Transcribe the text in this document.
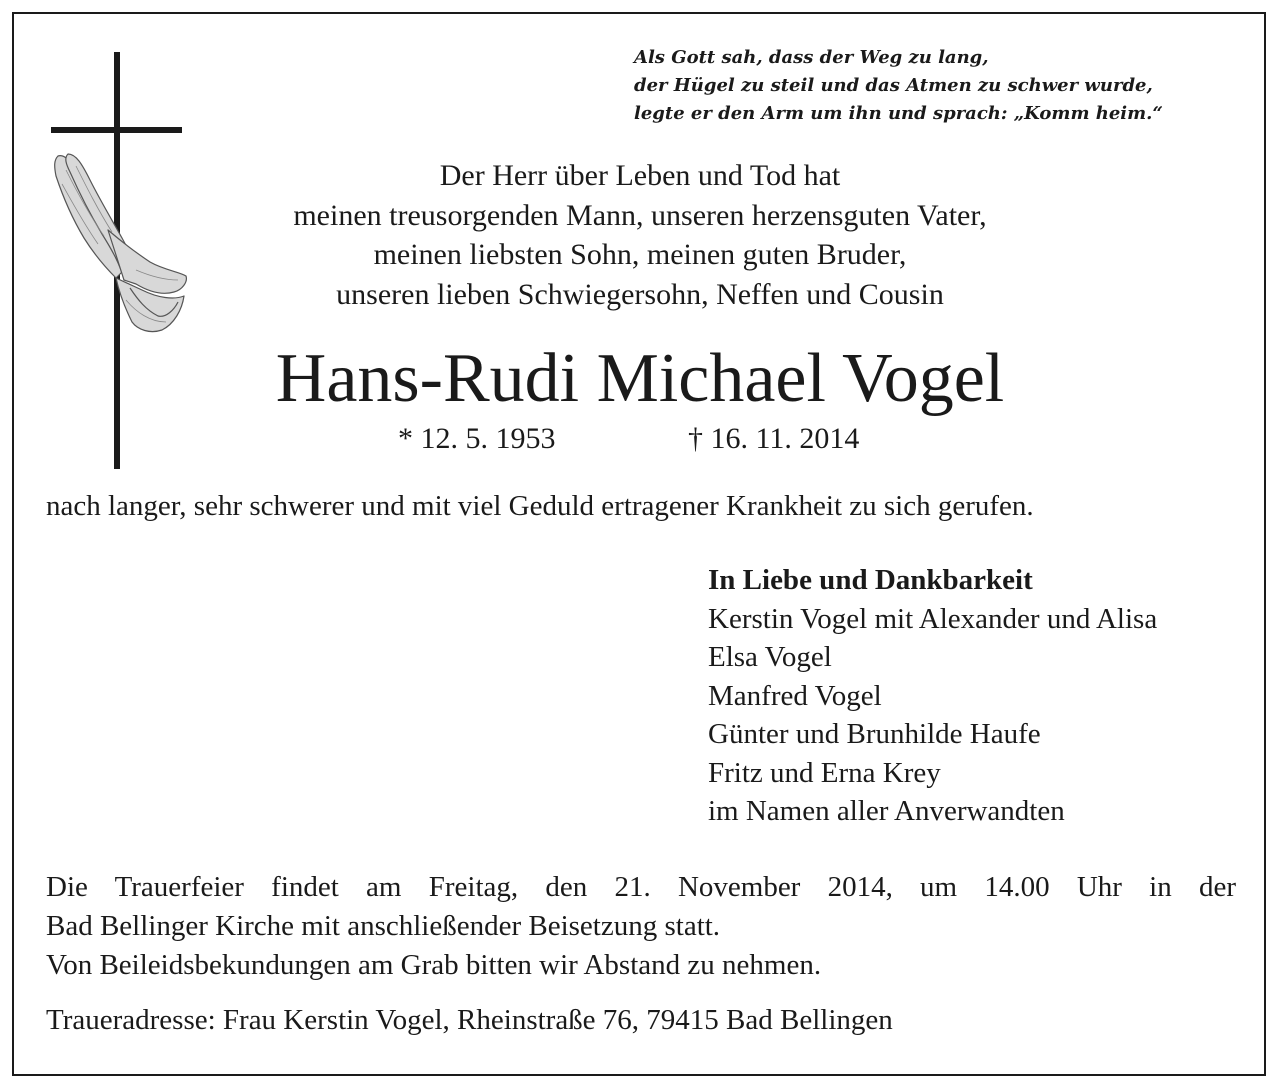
Als Gott sah, dass der Weg zu lang,
der Hügel zu steil und das Atmen zu schwer wurde,
legte er den Arm um ihn und sprach: „Komm heim.“
Der Herr über Leben und Tod hat
meinen treusorgenden Mann, unseren herzensguten Vater,
meinen liebsten Sohn, meinen guten Bruder,
unseren lieben Schwiegersohn, Neffen und Cousin
Hans-Rudi Michael Vogel
* 12. 5. 1953	† 16. 11. 2014
nach langer, sehr schwerer und mit viel Geduld ertragener Krankheit zu sich gerufen.
In Liebe und Dankbarkeit
Kerstin Vogel mit Alexander und Alisa
Elsa Vogel
Manfred Vogel
Günter und Brunhilde Haufe
Fritz und Erna Krey
im Namen aller Anverwandten
Die Trauerfeier findet am Freitag, den 21. November 2014, um 14.00 Uhr in der
Bad Bellinger Kirche mit anschließender Beisetzung statt.
Von Beileidsbekundungen am Grab bitten wir Abstand zu nehmen.
Traueradresse: Frau Kerstin Vogel, Rheinstraße 76, 79415 Bad Bellingen
